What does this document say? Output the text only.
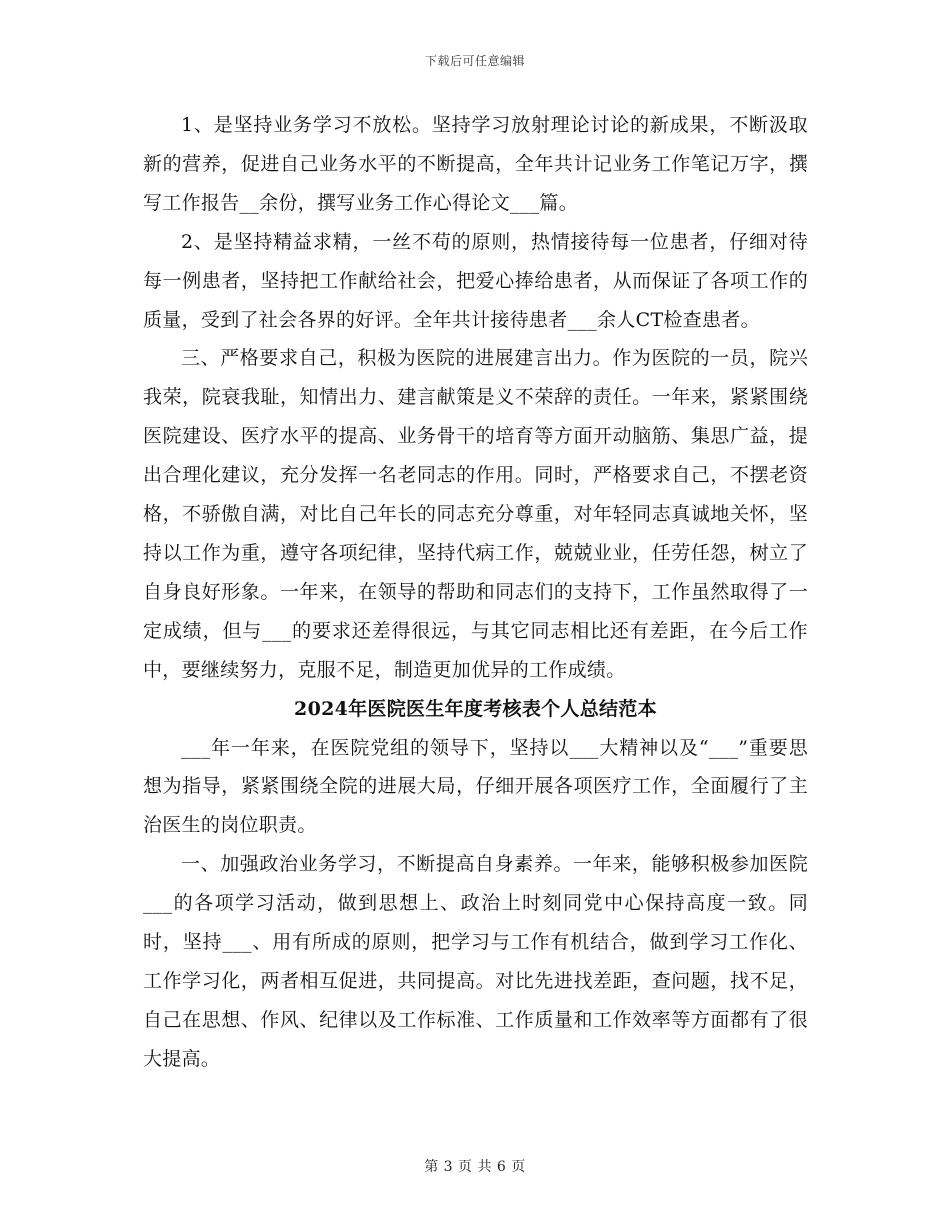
下载后可任意编辑

1、是坚持业务学习不放松。坚持学习放射理论讨论的新成果，不断汲取新的营养，促进自己业务水平的不断提高，全年共计记业务工作笔记万字，撰写工作报告__余份，撰写业务工作心得论文___篇。

2、是坚持精益求精，一丝不苟的原则，热情接待每一位患者，仔细对待每一例患者，坚持把工作献给社会，把爱心捧给患者，从而保证了各项工作的质量，受到了社会各界的好评。全年共计接待患者___余人CT检查患者。

三、严格要求自己，积极为医院的进展建言出力。作为医院的一员，院兴我荣，院衰我耻，知情出力、建言献策是义不荣辞的责任。一年来，紧紧围绕医院建设、医疗水平的提高、业务骨干的培育等方面开动脑筋、集思广益，提出合理化建议，充分发挥一名老同志的作用。同时，严格要求自己，不摆老资格，不骄傲自满，对比自己年长的同志充分尊重，对年轻同志真诚地关怀，坚持以工作为重，遵守各项纪律，坚持代病工作，兢兢业业，任劳任怨，树立了自身良好形象。一年来，在领导的帮助和同志们的支持下，工作虽然取得了一定成绩，但与___的要求还差得很远，与其它同志相比还有差距，在今后工作中，要继续努力，克服不足，制造更加优异的工作成绩。

2024年医院医生年度考核表个人总结范本

___年一年来，在医院党组的领导下，坚持以___大精神以及“___”重要思想为指导，紧紧围绕全院的进展大局，仔细开展各项医疗工作，全面履行了主治医生的岗位职责。

一、加强政治业务学习，不断提高自身素养。一年来，能够积极参加医院___的各项学习活动，做到思想上、政治上时刻同党中心保持高度一致。同时，坚持___、用有所成的原则，把学习与工作有机结合，做到学习工作化、工作学习化，两者相互促进，共同提高。对比先进找差距，查问题，找不足，自己在思想、作风、纪律以及工作标准、工作质量和工作效率等方面都有了很大提高。

第 3 页 共 6 页
